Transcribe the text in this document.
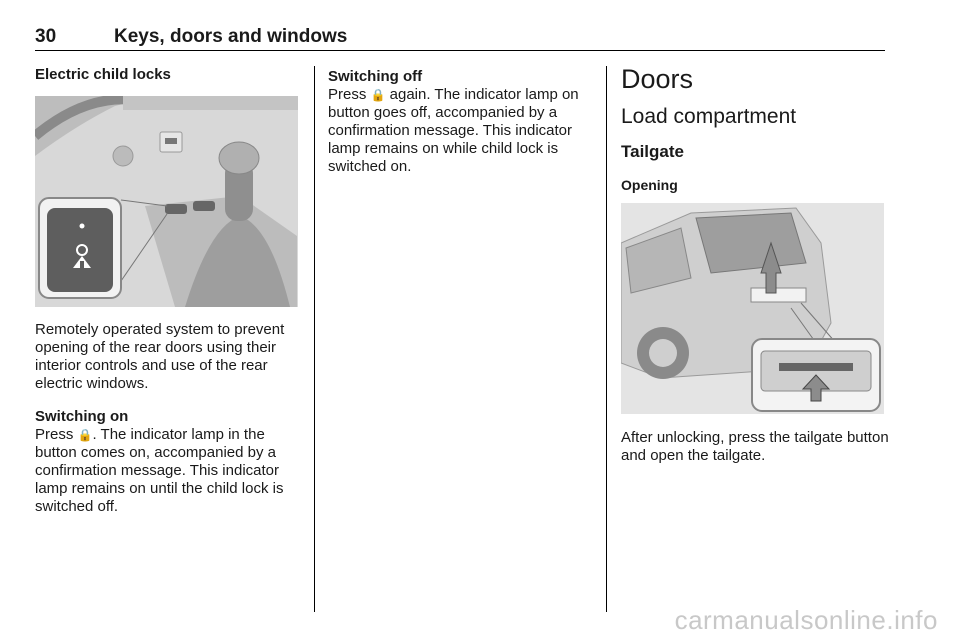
30	Keys, doors and windows
Electric child locks
Remotely operated system to prevent opening of the rear doors using their interior controls and use of the rear electric windows.
Switching on
Press 🔒. The indicator lamp in the button comes on, accompanied by a confirmation message. This indicator lamp remains on until the child lock is switched off.
Switching off
Press 🔒 again. The indicator lamp on button goes off, accompanied by a confirmation message. This indicator lamp remains on while child lock is switched on.
Doors
Load compartment
Tailgate
Opening
After unlocking, press the tailgate button and open the tailgate.
carmanualsonline.info
